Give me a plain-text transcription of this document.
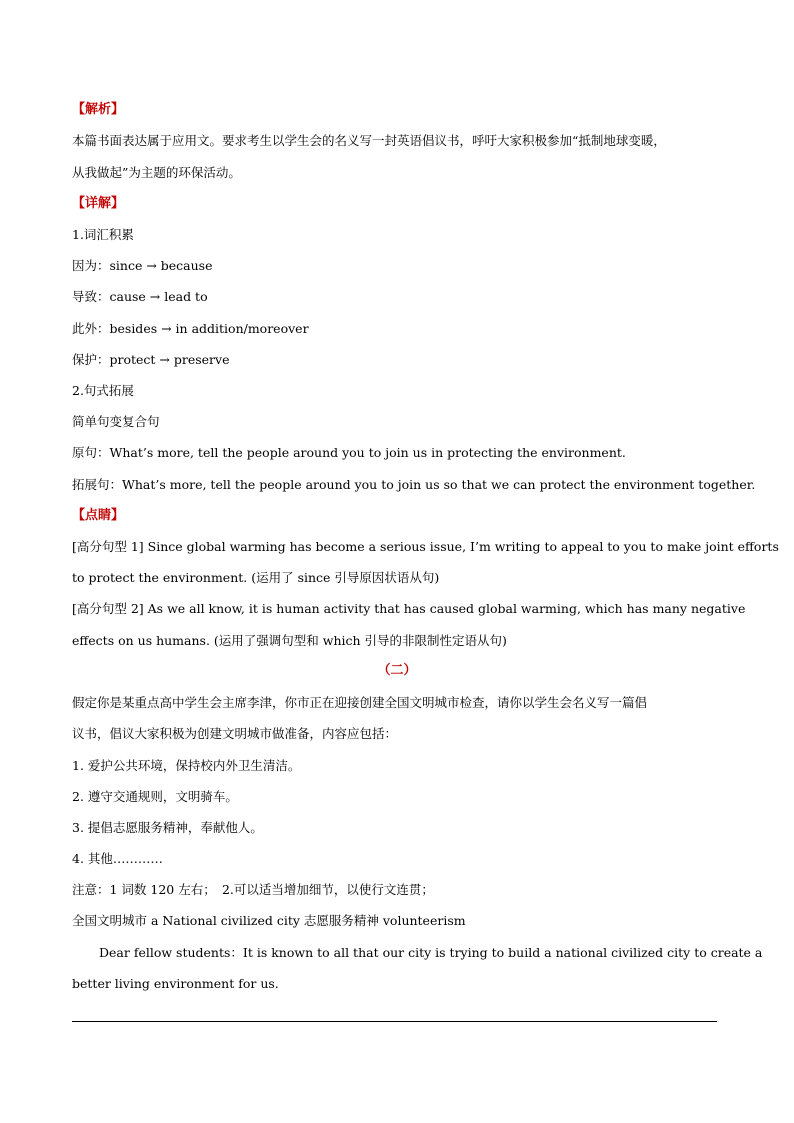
【解析】
本篇书面表达属于应用文。要求考生以学生会的名义写一封英语倡议书，呼吁大家积极参加“抵制地球变暖，
从我做起”为主题的环保活动。
【详解】
1.词汇积累
因为：since → because
导致：cause → lead to
此外：besides → in addition/moreover
保护：protect → preserve
2.句式拓展
简单句变复合句
原句：What’s more, tell the people around you to join us in protecting the environment.
拓展句：What’s more, tell the people around you to join us so that we can protect the environment together.
【点睛】
[高分句型 1] Since global warming has become a serious issue, I’m writing to appeal to you to make joint efforts
to protect the environment. (运用了 since 引导原因状语从句)
[高分句型 2] As we all know, it is human activity that has caused global warming, which has many negative
effects on us humans. (运用了强调句型和 which 引导的非限制性定语从句)
（二）
假定你是某重点高中学生会主席李津，你市正在迎接创建全国文明城市检查，请你以学生会名义写一篇倡
议书，倡议大家积极为创建文明城市做准备，内容应包括：
1. 爱护公共环境，保持校内外卫生清洁。
2. 遵守交通规则，文明骑车。
3. 提倡志愿服务精神，奉献他人。
4. 其他…………
注意：1 词数 120 左右；　2.可以适当增加细节，以使行文连贯；
全国文明城市 a National civilized city 志愿服务精神 volunteerism
Dear fellow students：It is known to all that our city is trying to build a national civilized city to create a
better living environment for us.
